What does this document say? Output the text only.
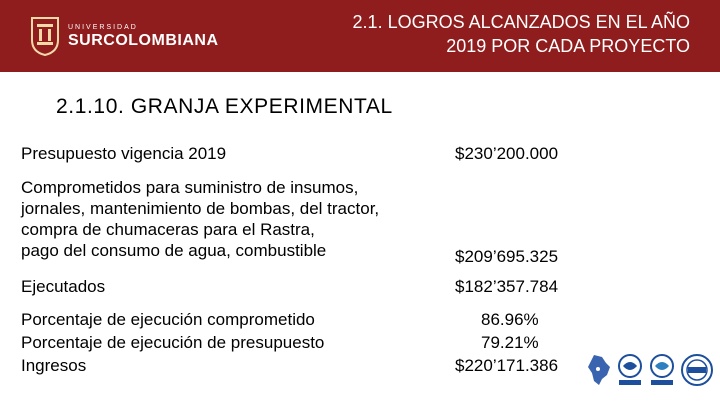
UNIVERSIDAD
SURCOLOMBIANA
2.1. LOGROS ALCANZADOS EN EL AÑO
2019 POR CADA PROYECTO
2.1.10. GRANJA EXPERIMENTAL
Presupuesto vigencia 2019	$230’200.000
Comprometidos para suministro de insumos,
jornales, mantenimiento de bombas, del tractor,
compra de chumaceras para el Rastra,
pago del consumo de agua, combustible	$209’695.325
Ejecutados	$182’357.784
Porcentaje de ejecución comprometido	86.96%
Porcentaje de ejecución de presupuesto	79.21%
Ingresos	$220’171.386
